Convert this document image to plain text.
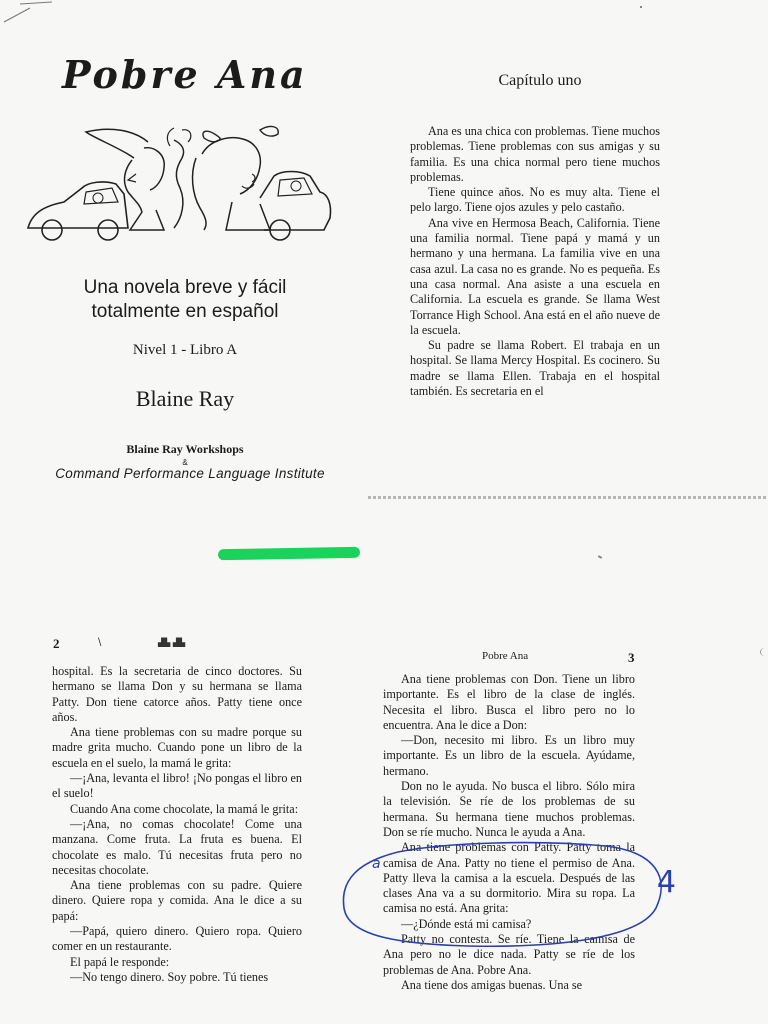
Pobre Ana
Una novela breve y fácil
totalmente en español
Nivel 1 - Libro A
Blaine Ray
Blaine Ray Workshops
&
Command Performance Language Institute
Capítulo uno

Ana es una chica con problemas. Tiene muchos problemas. Tiene problemas con sus amigas y su familia. Es una chica normal pero tiene muchos problemas.

Tiene quince años. No es muy alta. Tiene el pelo largo. Tiene ojos azules y pelo castaño.

Ana vive en Hermosa Beach, California. Tiene una familia normal. Tiene papá y mamá y un hermano y una hermana. La familia vive en una casa azul. La casa no es grande. No es pequeña. Es una casa normal. Ana asiste a una escuela en California. La escuela es grande. Se llama West Torrance High School. Ana está en el año nueve de la escuela.

Su padre se llama Robert. El trabaja en un hospital. Se llama Mercy Hospital. Es cocinero. Su madre se llama Ellen. Trabaja en el hospital también. Es secretaria en el

2	\	▟▙ ▟▙

hospital. Es la secretaria de cinco doctores. Su hermano se llama Don y su hermana se llama Patty. Don tiene catorce años. Patty tiene once años.

Ana tiene problemas con su madre porque su madre grita mucho. Cuando pone un libro de la escuela en el suelo, la mamá le grita:

—¡Ana, levanta el libro! ¡No pongas el libro en el suelo!

Cuando Ana come chocolate, la mamá le grita:

—¡Ana, no comas chocolate! Come una manzana. Come fruta. La fruta es buena. El chocolate es malo. Tú necesitas fruta pero no necesitas chocolate.

Ana tiene problemas con su padre. Quiere dinero. Quiere ropa y comida. Ana le dice a su papá:

—Papá, quiero dinero. Quiero ropa. Quiero comer en un restaurante.

El papá le responde:

—No tengo dinero. Soy pobre. Tú tienes

Pobre Ana	3

Ana tiene problemas con Don. Tiene un libro importante. Es el libro de la clase de inglés. Necesita el libro. Busca el libro pero no lo encuentra. Ana le dice a Don:

—Don, necesito mi libro. Es un libro muy importante. Es un libro de la escuela. Ayúdame, hermano.

Don no le ayuda. No busca el libro. Sólo mira la televisión. Se ríe de los problemas de su hermana. Su hermana tiene muchos problemas. Don se ríe mucho. Nunca le ayuda a Ana.

Ana tiene problemas con Patty. Patty toma la camisa de Ana. Patty no tiene el permiso de Ana. Patty lleva la camisa a la escuela. Después de las clases Ana va a su dormitorio. Mira su ropa. La camisa no está. Ana grita:

—¿Dónde está mi camisa?

Patty no contesta. Se ríe. Tiene la camisa de Ana pero no le dice nada. Patty se ríe de los problemas de Ana. Pobre Ana.

Ana tiene dos amigas buenas. Una se

a
4
